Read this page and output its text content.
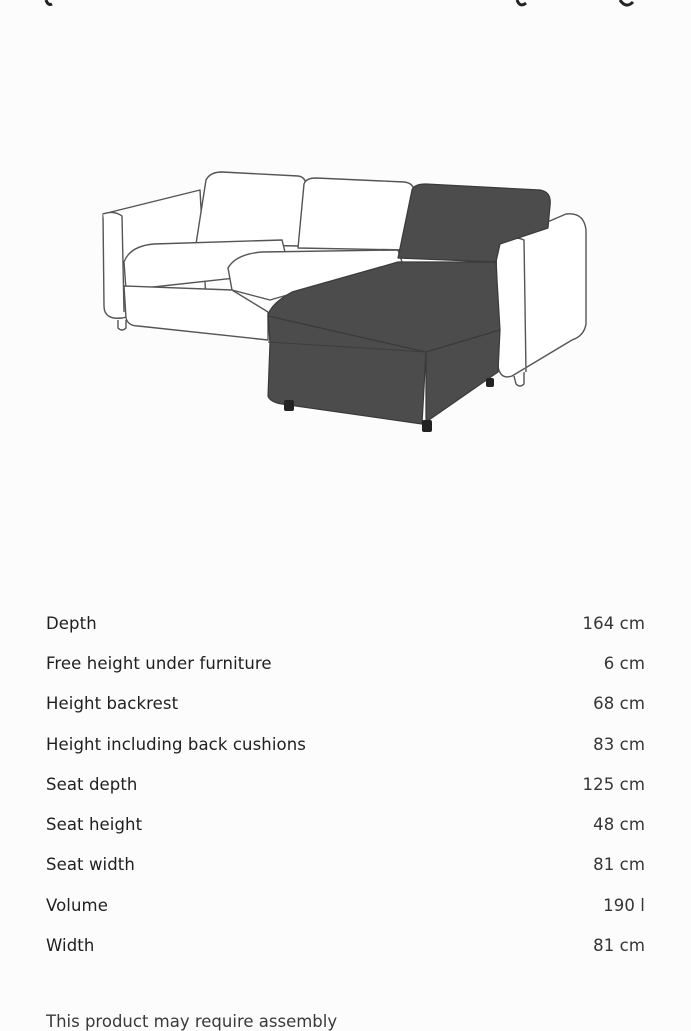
Depth	164 cm
Free height under furniture	6 cm
Height backrest	68 cm
Height including back cushions	83 cm
Seat depth	125 cm
Seat height	48 cm
Seat width	81 cm
Volume	190 l
Width	81 cm
This product may require assembly
